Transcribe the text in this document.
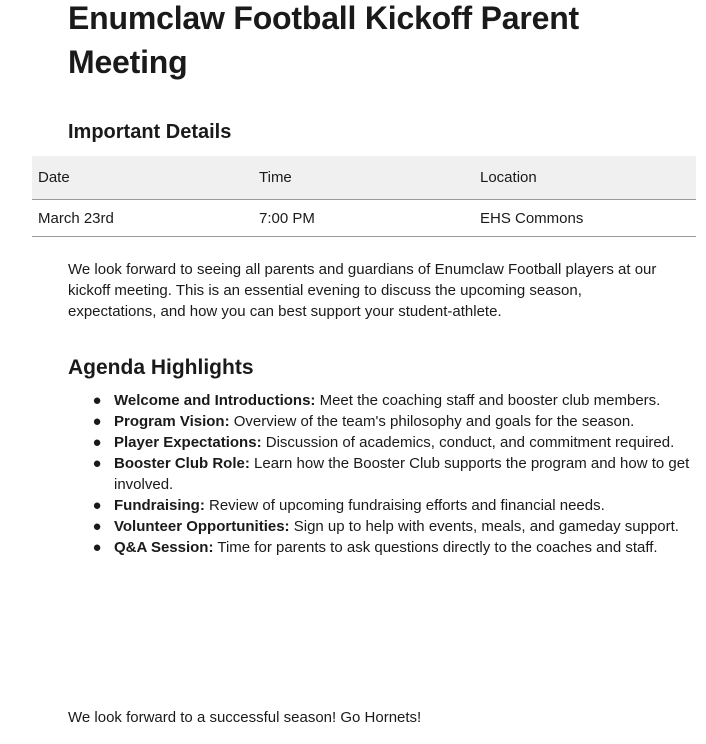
Enumclaw Football Kickoff Parent Meeting
Important Details
Date	Time	Location
March 23rd	7:00 PM	EHS Commons

We look forward to seeing all parents and guardians of Enumclaw Football players at our kickoff meeting. This is an essential evening to discuss the upcoming season, expectations, and how you can best support your student-athlete.

Agenda Highlights
● Welcome and Introductions: Meet the coaching staff and booster club members.
● Program Vision: Overview of the team's philosophy and goals for the season.
● Player Expectations: Discussion of academics, conduct, and commitment required.
● Booster Club Role: Learn how the Booster Club supports the program and how to get involved.
● Fundraising: Review of upcoming fundraising efforts and financial needs.
● Volunteer Opportunities: Sign up to help with events, meals, and gameday support.
● Q&A Session: Time for parents to ask questions directly to the coaches and staff.

We look forward to a successful season! Go Hornets!
